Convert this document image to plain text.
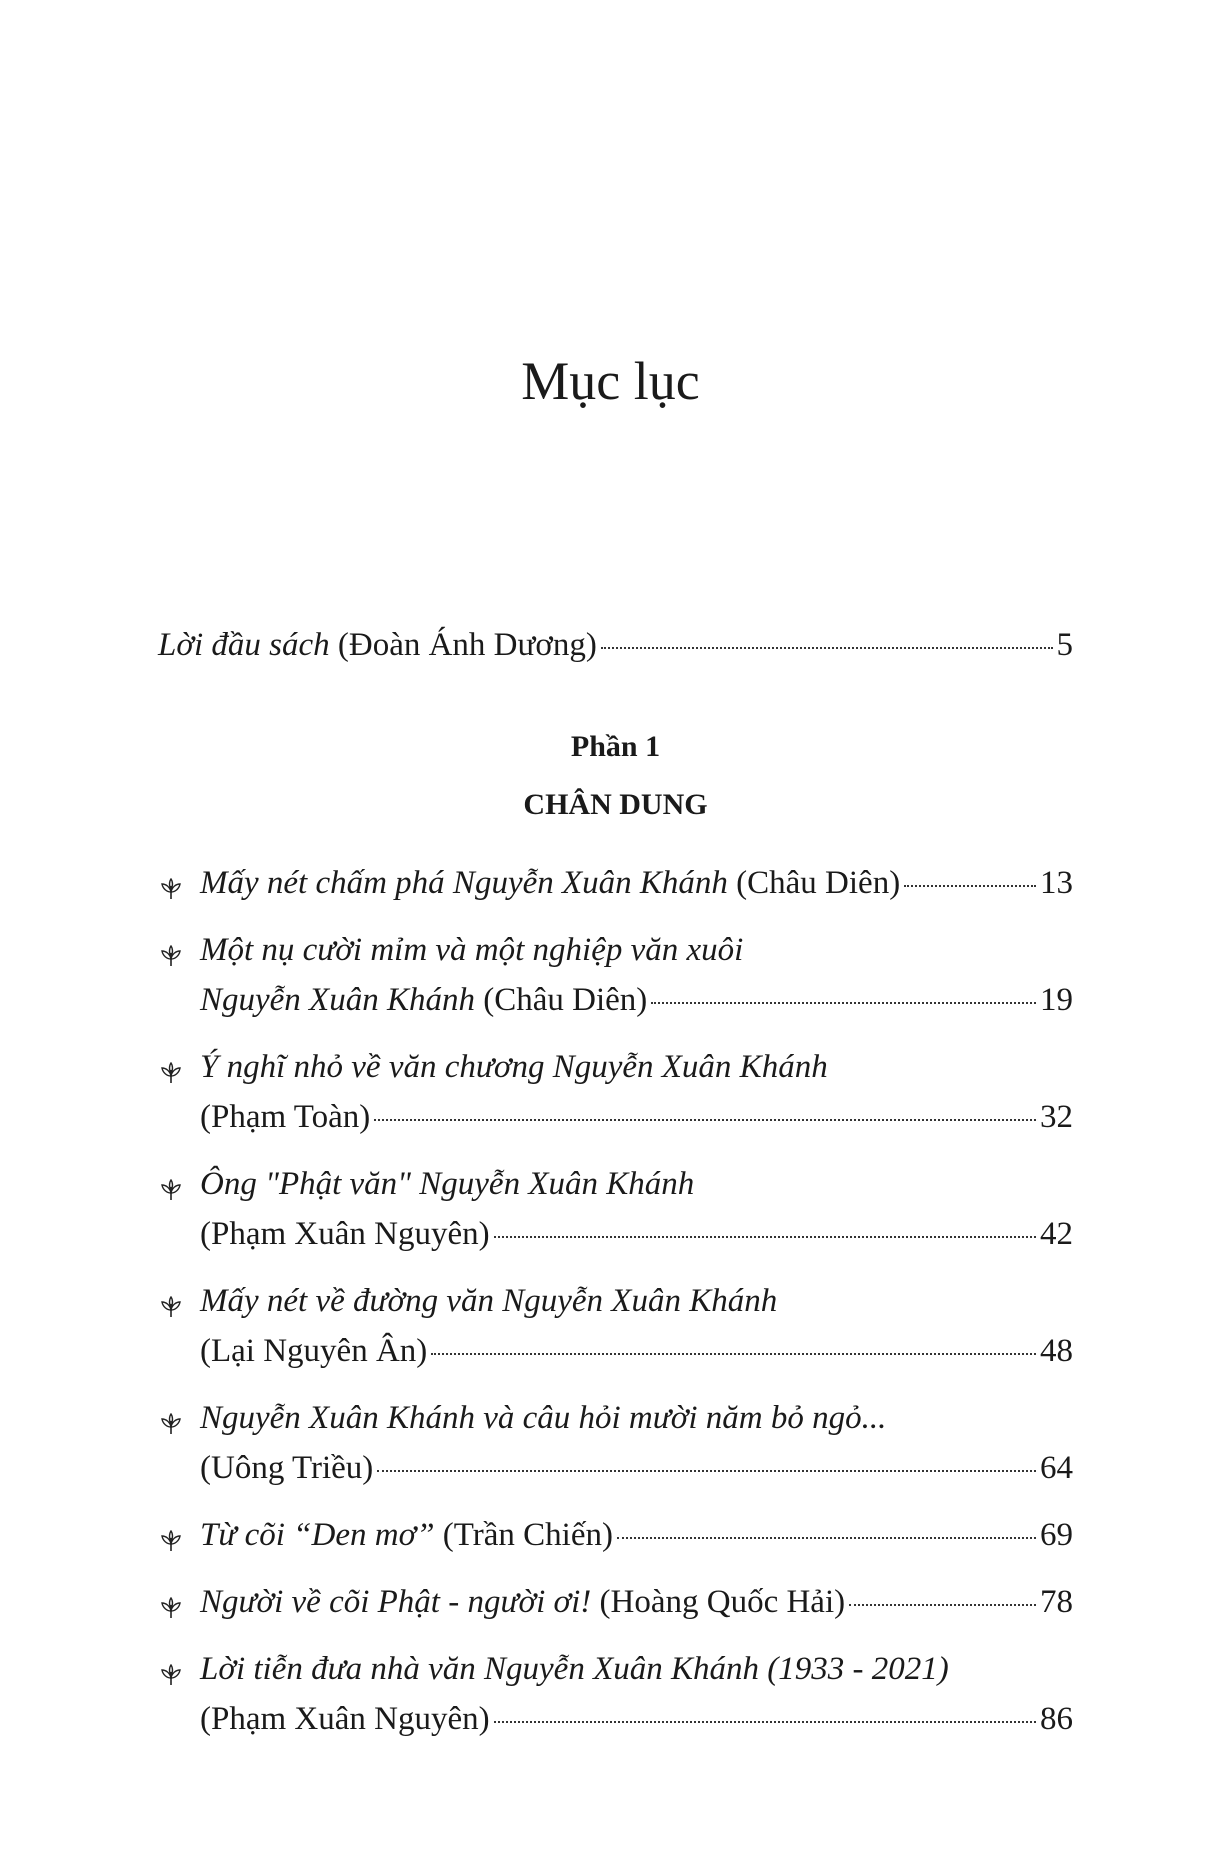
Mục lục
Lời đầu sách (Đoàn Ánh Dương)	5
Phần 1
CHÂN DUNG
Mấy nét chấm phá Nguyễn Xuân Khánh (Châu Diên)	13
Một nụ cười mỉm và một nghiệp văn xuôi
Nguyễn Xuân Khánh (Châu Diên)	19
Ý nghĩ nhỏ về văn chương Nguyễn Xuân Khánh
(Phạm Toàn)	32
Ông "Phật văn" Nguyễn Xuân Khánh
(Phạm Xuân Nguyên)	42
Mấy nét về đường văn Nguyễn Xuân Khánh
(Lại Nguyên Ân)	48
Nguyễn Xuân Khánh và câu hỏi mười năm bỏ ngỏ...
(Uông Triều)	64
Từ cõi “Den mơ” (Trần Chiến)	69
Người về cõi Phật - người ơi! (Hoàng Quốc Hải)	78
Lời tiễn đưa nhà văn Nguyễn Xuân Khánh (1933 - 2021)
(Phạm Xuân Nguyên)	86
